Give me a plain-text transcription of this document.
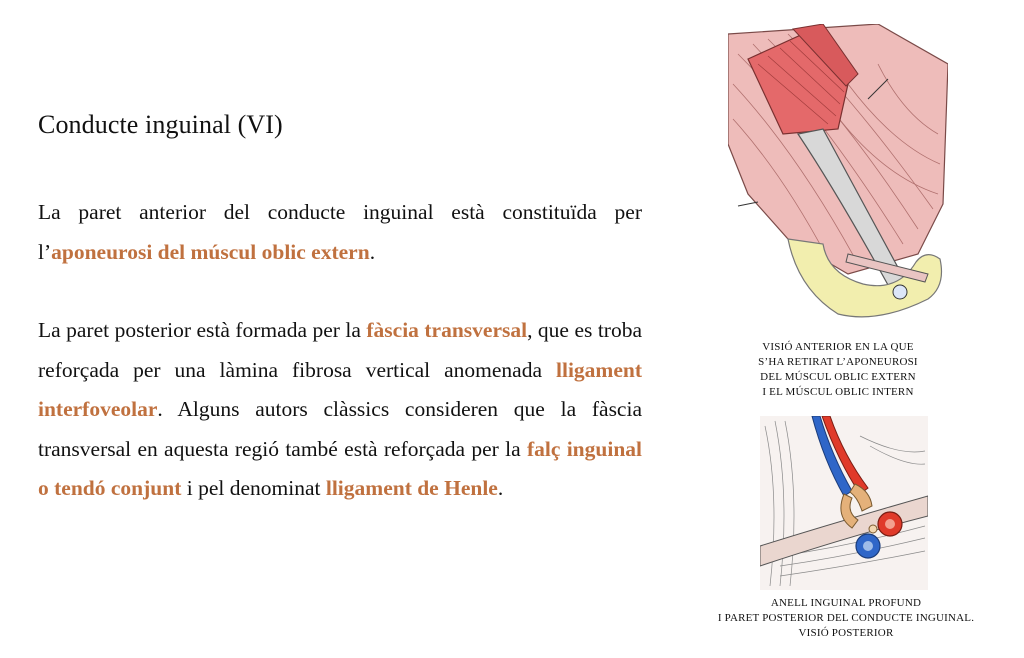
Conducte inguinal (VI)

La paret anterior del conducte inguinal està constituïda per l’aponeurosi del múscul oblic extern.

La paret posterior està formada per la fàscia transversal, que es troba reforçada per una làmina fibrosa vertical anomenada lligament interfoveolar. Alguns autors clàssics consideren que la fàscia transversal en aquesta regió també està reforçada per la falç inguinal o tendó conjunt i pel denominat lligament de Henle.

VISIÓ ANTERIOR EN LA QUE
S’HA RETIRAT L’APONEUROSI
DEL MÚSCUL OBLIC EXTERN
I EL MÚSCUL OBLIC INTERN

ANELL INGUINAL PROFUND
I PARET POSTERIOR DEL CONDUCTE INGUINAL.
VISIÓ POSTERIOR
